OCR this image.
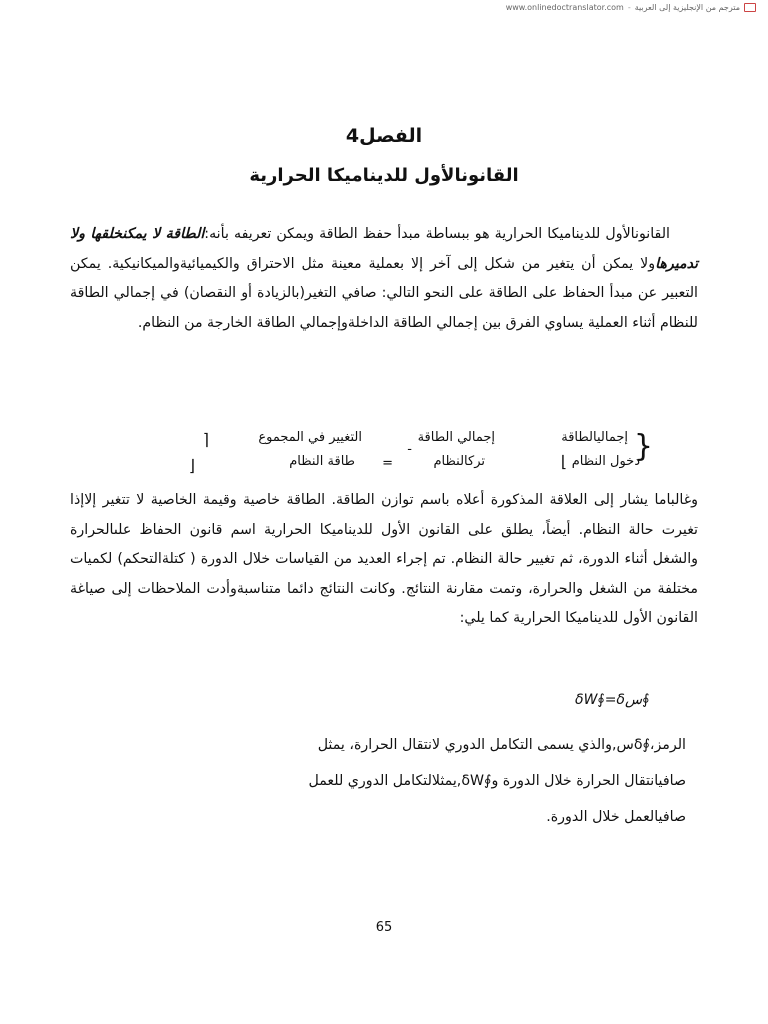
www.onlinedoctranslator.com - مترجم من الإنجليزية إلى العربية
الفصل4
القانونالأول للديناميكا الحرارية

القانونالأول للديناميكا الحرارية هو ببساطة مبدأ حفظ الطاقة ويمكن تعريفه بأنه:الطاقة لا يمكنخلقها ولا تدميرهاولا يمكن أن يتغير من شكل إلى آخر إلا بعملية معينة مثل الاحتراق والكيميائيةوالميكانيكية. يمكن التعبير عن مبدأ الحفاظ على الطاقة على النحو التالي: صافي التغير(بالزيادة أو النقصان) في إجمالي الطاقة للنظام أثناء العملية يساوي الفرق بين إجمالي الطاقة الداخلةوإجمالي الطاقة الخارجة من النظام.

إجماليالطاقة {
دخول النظام
⌋
إجمالي الطاقة
تركالنظام
-
=
التغيير في المجموع
طاقة النظام
⌈
⌊

وغالباما يشار إلى العلاقة المذكورة أعلاه باسم توازن الطاقة. الطاقة خاصية وقيمة الخاصية لا تتغير إلاإذا تغيرت حالة النظام. أيضاً، يطلق على القانون الأول للديناميكا الحرارية اسم قانون الحفاظ علىالحرارة والشغل أثناء الدورة، ثم تغيير حالة النظام. تم إجراء العديد من القياسات خلال الدورة ( كتلةالتحكم) لكميات مختلفة من الشغل والحرارة، وتمت مقارنة النتائج. وكانت النتائج دائما متناسبةوأدت الملاحظات إلى صياغة القانون الأول للديناميكا الحرارية كما يلي:

δW∮=δس∮
الرمز،∮δس,والذي يسمى التكامل الدوري لانتقال الحرارة، يمثل
صافيانتقال الحرارة خلال الدورة و∮δW,يمثلالتكامل الدوري للعمل
صافيالعمل خلال الدورة.
65
